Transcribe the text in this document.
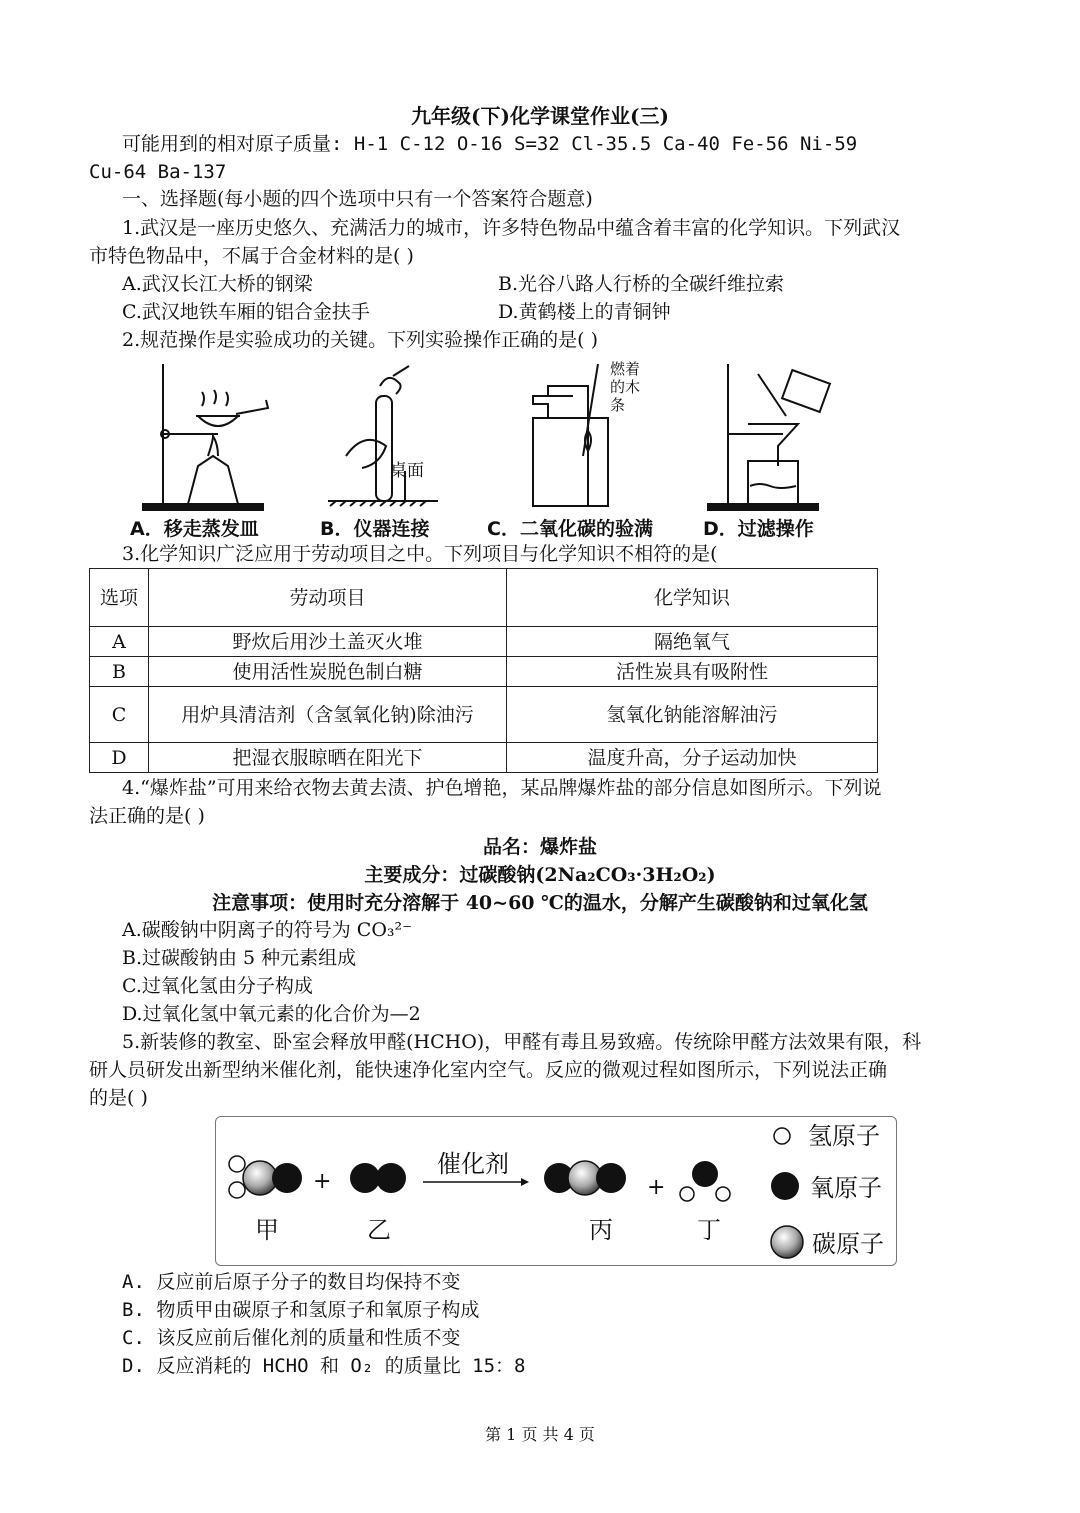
九年级(下)化学课堂作业(三)
可能用到的相对原子质量: H-1 C-12 O-16 S=32 Cl-35.5 Ca-40 Fe-56 Ni-59
Cu-64 Ba-137
一、选择题(每小题的四个选项中只有一个答案符合题意)
1.武汉是一座历史悠久、充满活力的城市，许多特色物品中蕴含着丰富的化学知识。下列武汉
市特色物品中，不属于合金材料的是( )
A.武汉长江大桥的钢梁	B.光谷八路人行桥的全碳纤维拉索
C.武汉地铁车厢的铝合金扶手	D.黄鹤楼上的青铜钟
2.规范操作是实验成功的关键。下列实验操作正确的是( )
桌面
燃着
的木
条
A．移走蒸发皿	B．仪器连接	C．二氧化碳的验满	D．过滤操作
3.化学知识广泛应用于劳动项目之中。下列项目与化学知识不相符的是(
选项	劳动项目	化学知识
A	野炊后用沙土盖灭火堆	隔绝氧气
B	使用活性炭脱色制白糖	活性炭具有吸附性
C	用炉具清洁剂（含氢氧化钠)除油污	氢氧化钠能溶解油污
D	把湿衣服晾晒在阳光下	温度升高，分子运动加快
4.“爆炸盐”可用来给衣物去黄去渍、护色增艳，某品牌爆炸盐的部分信息如图所示。下列说
法正确的是( )
品名：爆炸盐
主要成分：过碳酸钠(2Na₂CO₃·3H₂O₂)
注意事项：使用时充分溶解于 40~60 ℃的温水，分解产生碳酸钠和过氧化氢
A.碳酸钠中阴离子的符号为 CO₃²⁻
B.过碳酸钠由 5 种元素组成
C.过氧化氢由分子构成
D.过氧化氢中氧元素的化合价为—2
5.新装修的教室、卧室会释放甲醛(HCHO)，甲醛有毒且易致癌。传统除甲醛方法效果有限，科
研人员研发出新型纳米催化剂，能快速净化室内空气。反应的微观过程如图所示，下列说法正确
的是( )
+
催化剂
+
甲	乙	丙	丁
氢原子
氧原子
碳原子
A. 反应前后原子分子的数目均保持不变
B. 物质甲由碳原子和氢原子和氧原子构成
C. 该反应前后催化剂的质量和性质不变
D. 反应消耗的 HCHO 和 O₂ 的质量比 15：8
第 1 页 共 4 页
